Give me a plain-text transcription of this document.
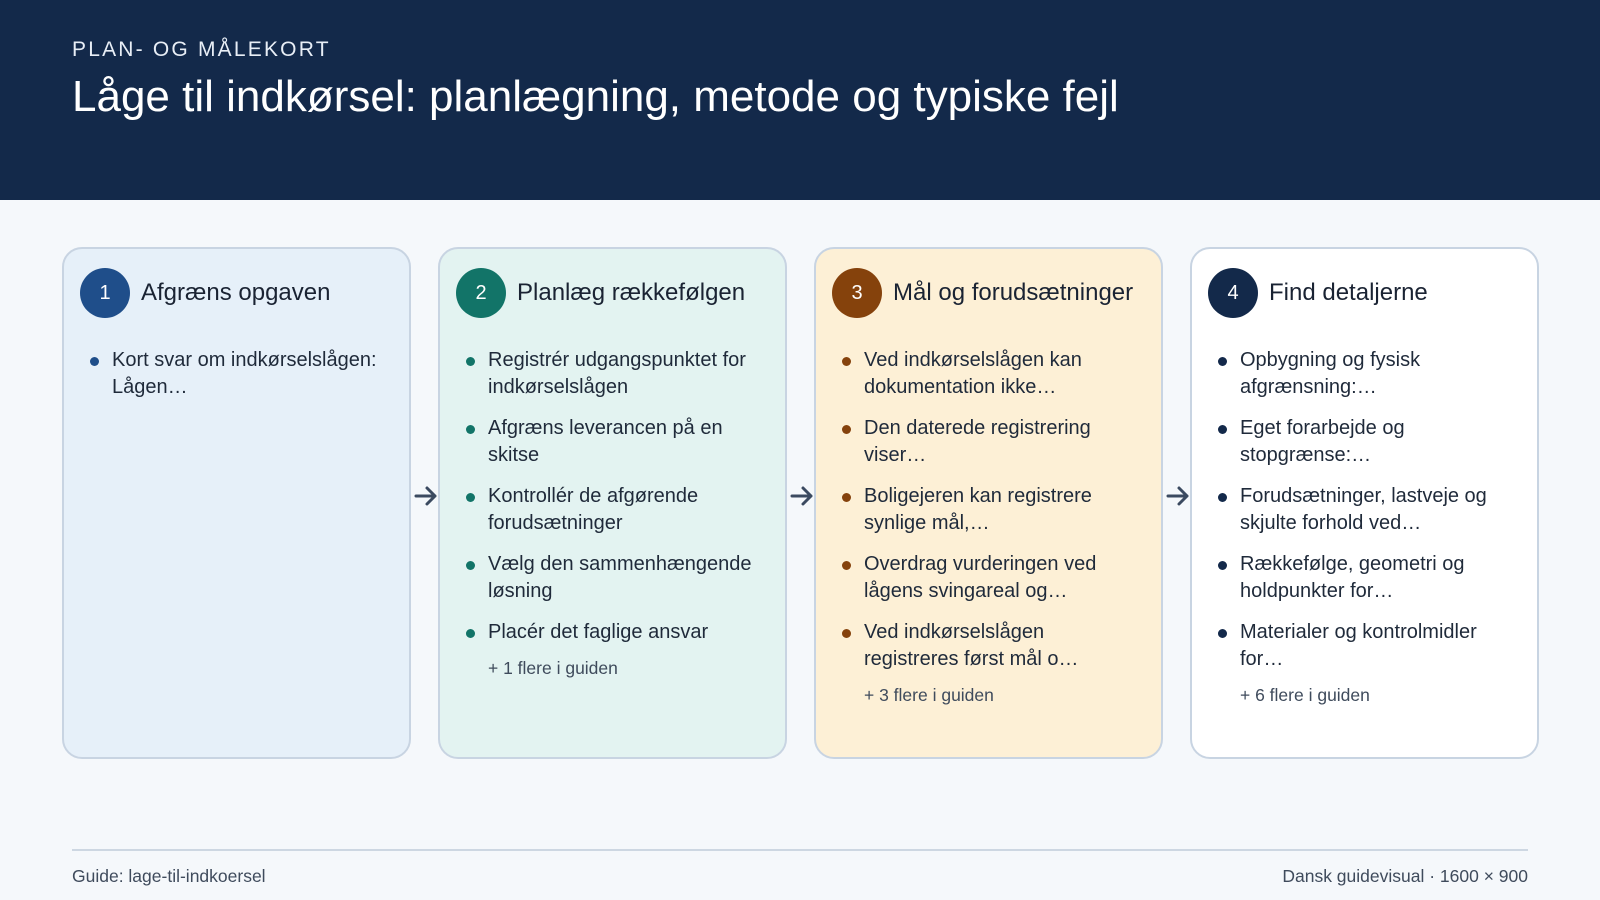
PLAN- OG MÅLEKORT
Låge til indkørsel: planlægning, metode og typiske fejl
1	Afgræns opgaven
Kort svar om indkørselslågen: Lågen…
2	Planlæg rækkefølgen
Registrér udgangspunktet for indkørselslågen
Afgræns leverancen på en skitse
Kontrollér de afgørende forudsætninger
Vælg den sammenhængende løsning
Placér det faglige ansvar
+ 1 flere i guiden
3	Mål og forudsætninger
Ved indkørselslågen kan dokumentation ikke…
Den daterede registrering viser…
Boligejeren kan registrere synlige mål,…
Overdrag vurderingen ved lågens svingareal og…
Ved indkørselslågen registreres først mål o…
+ 3 flere i guiden
4	Find detaljerne
Opbygning og fysisk afgrænsning:…
Eget forarbejde og stopgrænse:…
Forudsætninger, lastveje og skjulte forhold ved…
Rækkefølge, geometri og holdpunkter for…
Materialer og kontrolmidler for…
+ 6 flere i guiden
Guide: lage-til-indkoersel	Dansk guidevisual · 1600 × 900
